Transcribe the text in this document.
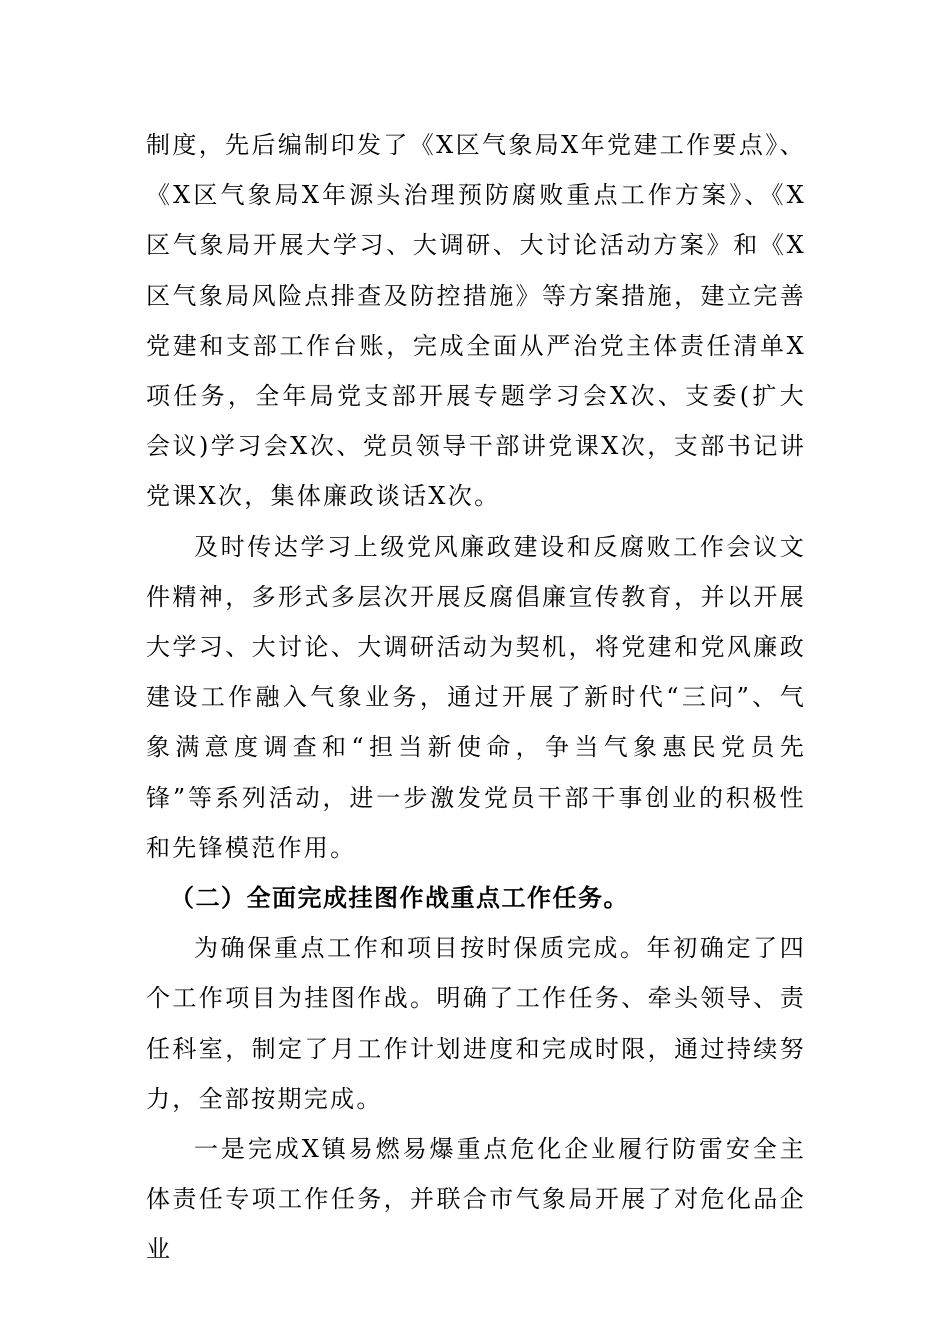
制度，先后编制印发了《X区气象局X年党建工作要点》、《X区气象局X年源头治理预防腐败重点工作方案》、《X区气象局开展大学习、大调研、大讨论活动方案》和《X区气象局风险点排查及防控措施》等方案措施，建立完善党建和支部工作台账，完成全面从严治党主体责任清单X项任务，全年局党支部开展专题学习会X次、支委(扩大会议)学习会X次、党员领导干部讲党课X次，支部书记讲党课X次，集体廉政谈话X次。

及时传达学习上级党风廉政建设和反腐败工作会议文件精神，多形式多层次开展反腐倡廉宣传教育，并以开展大学习、大讨论、大调研活动为契机，将党建和党风廉政建设工作融入气象业务，通过开展了新时代“三问”、气象满意度调查和“担当新使命，争当气象惠民党员先锋”等系列活动，进一步激发党员干部干事创业的积极性和先锋模范作用。

（二）全面完成挂图作战重点工作任务。

为确保重点工作和项目按时保质完成。年初确定了四个工作项目为挂图作战。明确了工作任务、牵头领导、责任科室，制定了月工作计划进度和完成时限，通过持续努力，全部按期完成。

一是完成X镇易燃易爆重点危化企业履行防雷安全主体责任专项工作任务，并联合市气象局开展了对危化品企业
